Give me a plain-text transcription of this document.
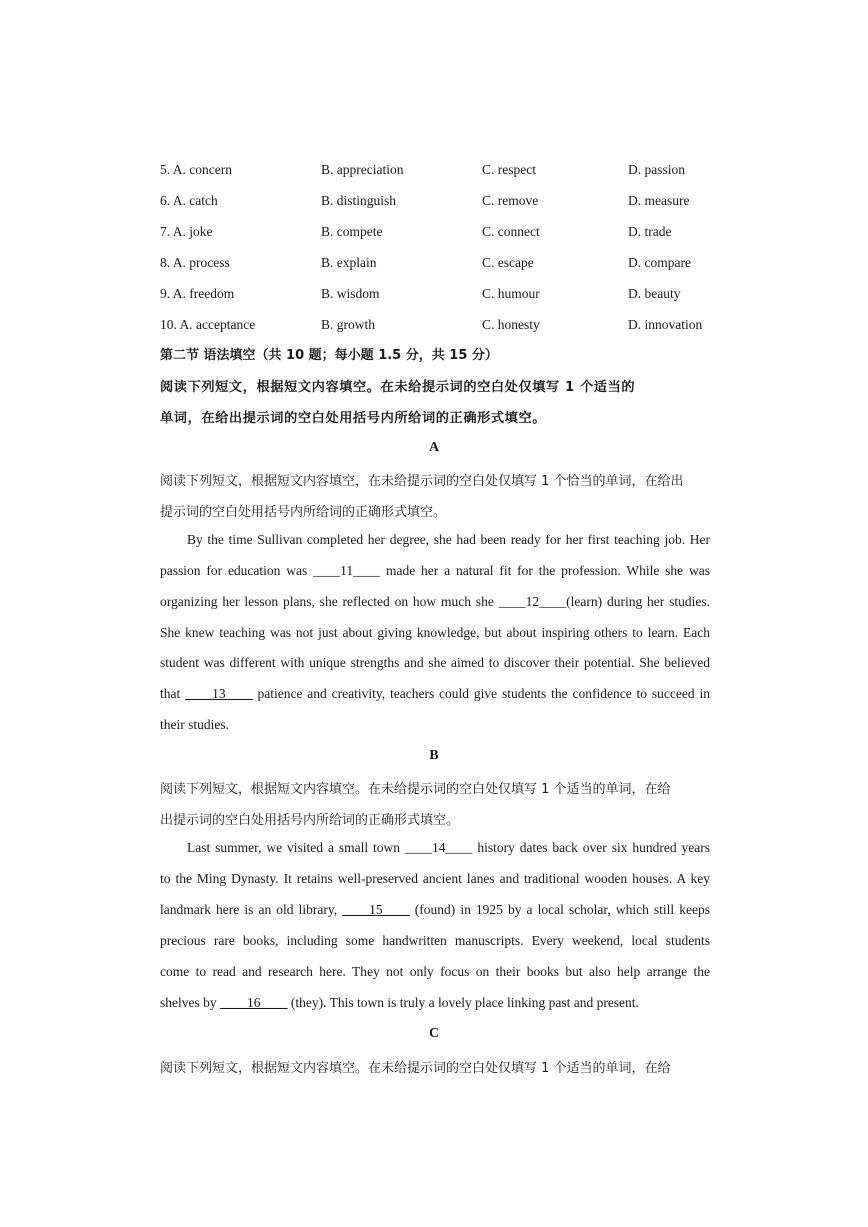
5. A. concern	B. appreciation	C. respect	D. passion
6. A. catch	B. distinguish	C. remove	D. measure
7. A. joke	B. compete	C. connect	D. trade
8. A. process	B. explain	C. escape	D. compare
9. A. freedom	B. wisdom	C. humour	D. beauty
10. A. acceptance	B. growth	C. honesty	D. innovation
第二节 语法填空（共 10 题；每小题 1.5 分，共 15 分）
阅读下列短文，根据短文内容填空。在未给提示词的空白处仅填写 1 个适当的
单词，在给出提示词的空白处用括号内所给词的正确形式填空。
A
阅读下列短文，根据短文内容填空，在未给提示词的空白处仅填写 1 个恰当的单词，在给出
提示词的空白处用括号内所给词的正确形式填空。
By the time Sullivan completed her degree, she had been ready for her first teaching job. Her
passion for education was ____11____ made her a natural fit for the profession. While she was
organizing her lesson plans, she reflected on how much she ____12____(learn) during her studies.
She knew teaching was not just about giving knowledge, but about inspiring others to learn. Each
student was different with unique strengths and she aimed to discover their potential. She believed
that ____13____ patience and creativity, teachers could give students the confidence to succeed in
their studies.
B
阅读下列短文，根据短文内容填空。在未给提示词的空白处仅填写 1 个适当的单词，在给
出提示词的空白处用括号内所给词的正确形式填空。
Last summer, we visited a small town ____14____ history dates back over six hundred years
to the Ming Dynasty. It retains well-preserved ancient lanes and traditional wooden houses. A key
landmark here is an old library, ____15____ (found) in 1925 by a local scholar, which still keeps
precious rare books, including some handwritten manuscripts. Every weekend, local students
come to read and research here. They not only focus on their books but also help arrange the
shelves by ____16____ (they). This town is truly a lovely place linking past and present.
C
阅读下列短文，根据短文内容填空。在未给提示词的空白处仅填写 1 个适当的单词，在给
